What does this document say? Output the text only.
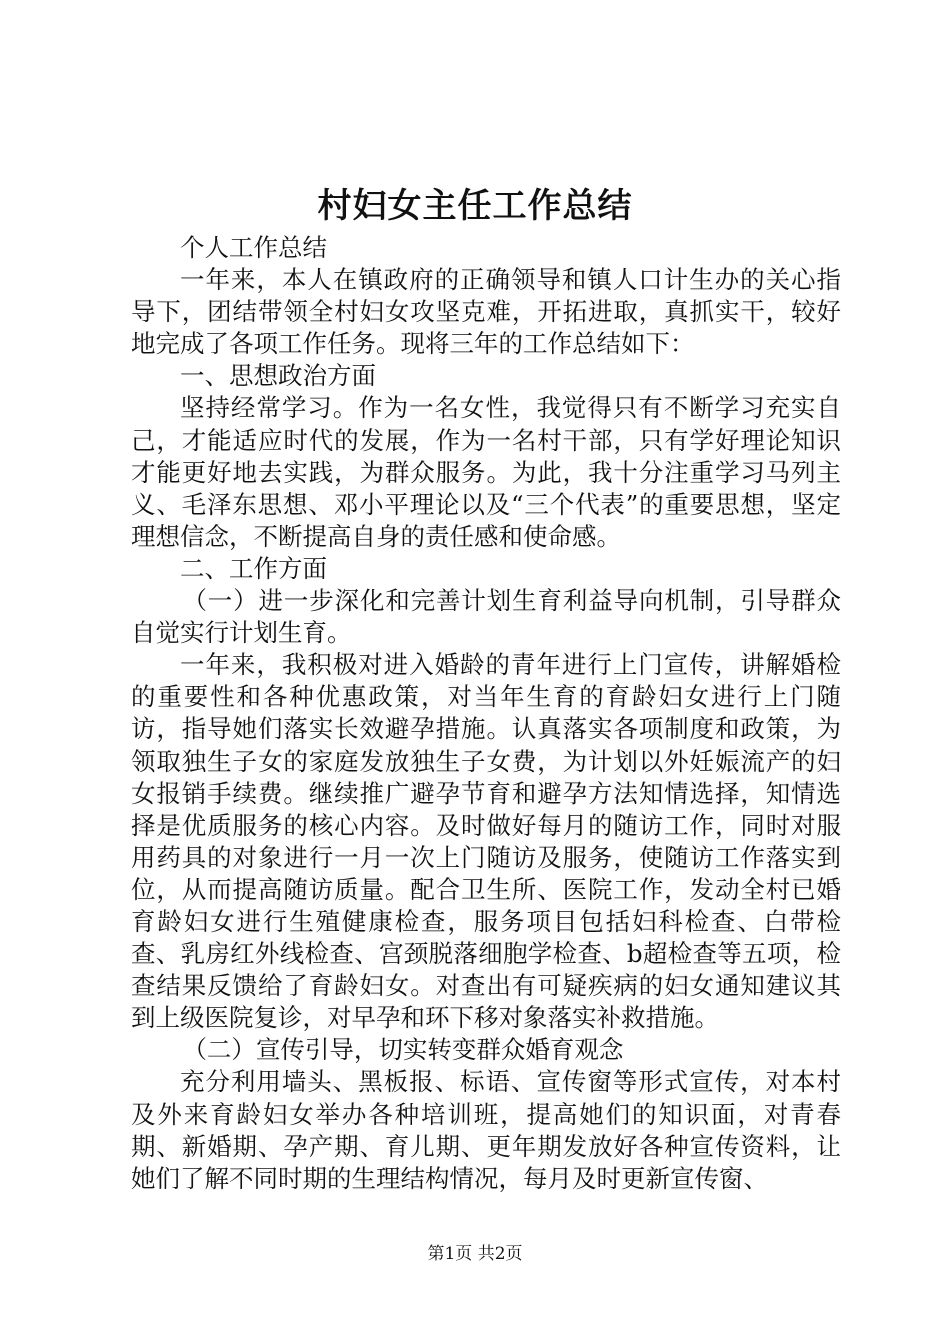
村妇女主任工作总结

个人工作总结

一年来，本人在镇政府的正确领导和镇人口计生办的关心指导下，团结带领全村妇女攻坚克难，开拓进取，真抓实干，较好地完成了各项工作任务。现将三年的工作总结如下：

一、思想政治方面

坚持经常学习。作为一名女性，我觉得只有不断学习充实自己，才能适应时代的发展，作为一名村干部，只有学好理论知识才能更好地去实践，为群众服务。为此，我十分注重学习马列主义、毛泽东思想、邓小平理论以及“三个代表”的重要思想，坚定理想信念，不断提高自身的责任感和使命感。

二、工作方面

（一）进一步深化和完善计划生育利益导向机制，引导群众自觉实行计划生育。

一年来，我积极对进入婚龄的青年进行上门宣传，讲解婚检的重要性和各种优惠政策，对当年生育的育龄妇女进行上门随访，指导她们落实长效避孕措施。认真落实各项制度和政策，为领取独生子女的家庭发放独生子女费，为计划以外妊娠流产的妇女报销手续费。继续推广避孕节育和避孕方法知情选择，知情选择是优质服务的核心内容。及时做好每月的随访工作，同时对服用药具的对象进行一月一次上门随访及服务，使随访工作落实到位，从而提高随访质量。配合卫生所、医院工作，发动全村已婚育龄妇女进行生殖健康检查，服务项目包括妇科检查、白带检查、乳房红外线检查、宫颈脱落细胞学检查、b超检查等五项，检查结果反馈给了育龄妇女。对查出有可疑疾病的妇女通知建议其到上级医院复诊，对早孕和环下移对象落实补救措施。

（二）宣传引导，切实转变群众婚育观念

充分利用墙头、黑板报、标语、宣传窗等形式宣传，对本村及外来育龄妇女举办各种培训班，提高她们的知识面，对青春期、新婚期、孕产期、育儿期、更年期发放好各种宣传资料，让她们了解不同时期的生理结构情况，每月及时更新宣传窗、

第1页 共2页
